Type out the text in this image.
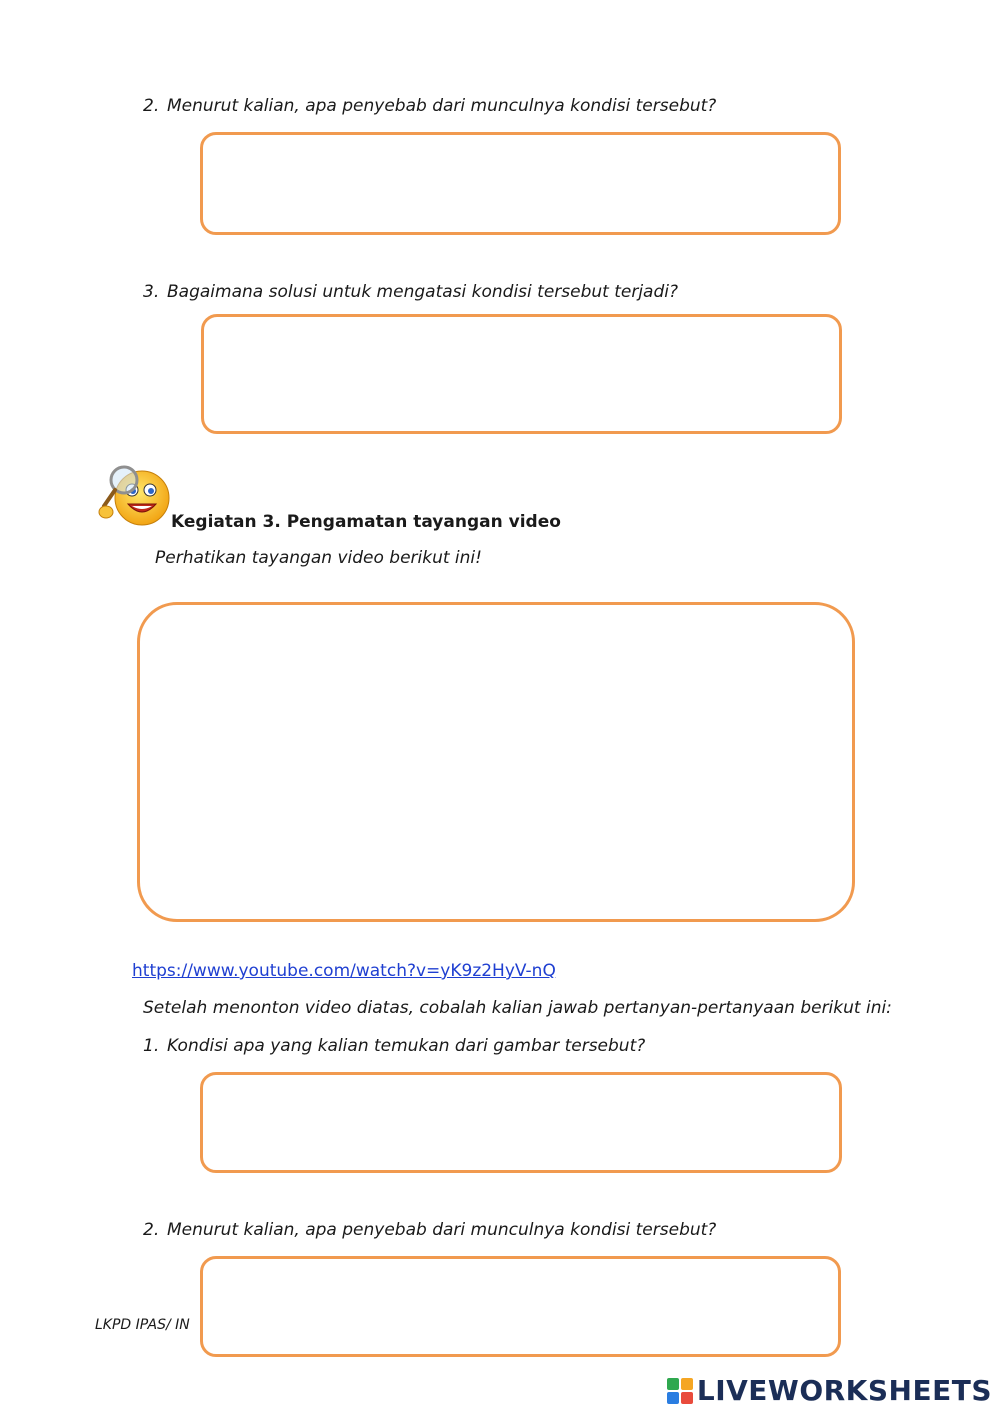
2. Menurut kalian, apa penyebab dari munculnya kondisi tersebut?
3. Bagaimana solusi untuk mengatasi kondisi tersebut terjadi?
Kegiatan 3. Pengamatan tayangan video
Perhatikan tayangan video berikut ini!
https://www.youtube.com/watch?v=yK9z2HyV-nQ
Setelah menonton video diatas, cobalah kalian jawab pertanyan-pertanyaan berikut ini:
1. Kondisi apa yang kalian temukan dari gambar tersebut?
2. Menurut kalian, apa penyebab dari munculnya kondisi tersebut?
LKPD IPAS/ IN
LIVEWORKSHEETS
